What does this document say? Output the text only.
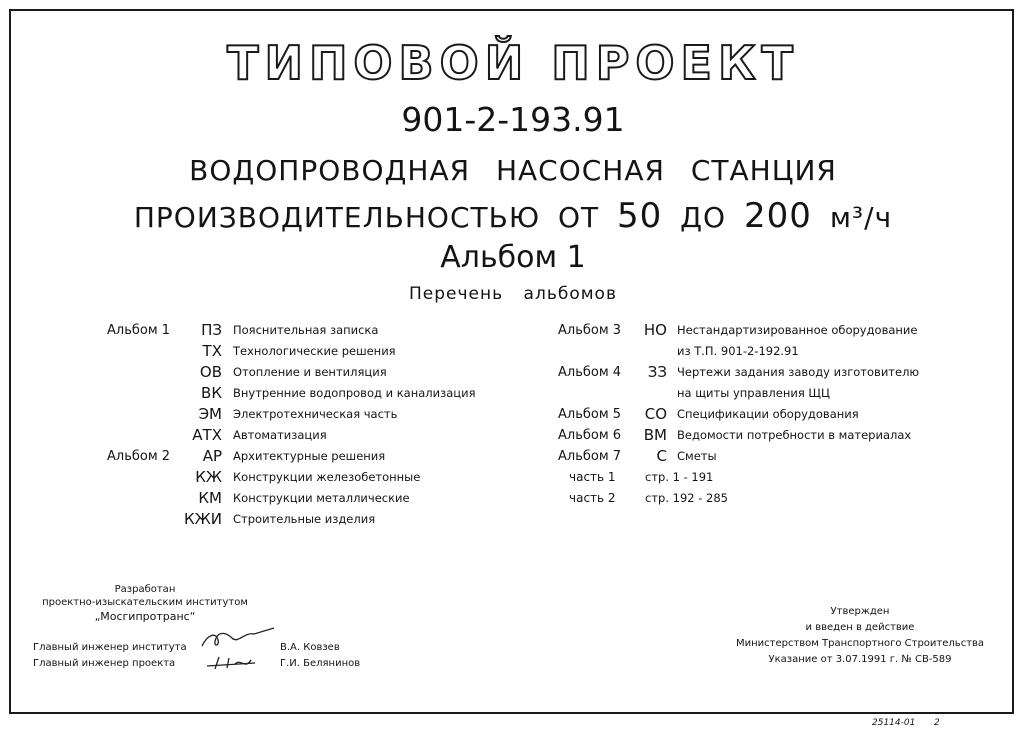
ТИПОВОЙ ПРОЕКТ
901-2-193.91
ВОДОПРОВОДНАЯ НАСОСНАЯ СТАНЦИЯ
ПРОИЗВОДИТЕЛЬНОСТЬЮ ОТ 50 ДО 200 м³/ч
Альбом 1
Перечень альбомов
Альбом 1	ПЗ Пояснительная записка
ТХ Технологические решения
ОВ Отопление и вентиляция
ВК Внутренние водопровод и канализация
ЭМ Электротехническая часть
АТХ Автоматизация
Альбом 2	АР Архитектурные решения
КЖ Конструкции железобетонные
КМ Конструкции металлические
КЖИ Строительные изделия
Альбом 3	НО Нестандартизированное оборудование
из Т.П. 901-2-192.91
Альбом 4	ЗЗ Чертежи задания заводу изготовителю
на щиты управления ЩЦ
Альбом 5	СО Спецификации оборудования
Альбом 6	ВМ Ведомости потребности в материалах
Альбом 7	С Сметы
часть 1	стр. 1 - 191
часть 2	стр. 192 - 285
Разработан
проектно-изыскательским институтом
„Мосгипротранс“
Главный инженер института
Главный инженер проекта
В.А. Ковзев
Г.И. Белянинов
Утвержден
и введен в действие
Министерством Транспортного Строительства
Указание от 3.07.1991 г. № СВ-589
25114-01 2
